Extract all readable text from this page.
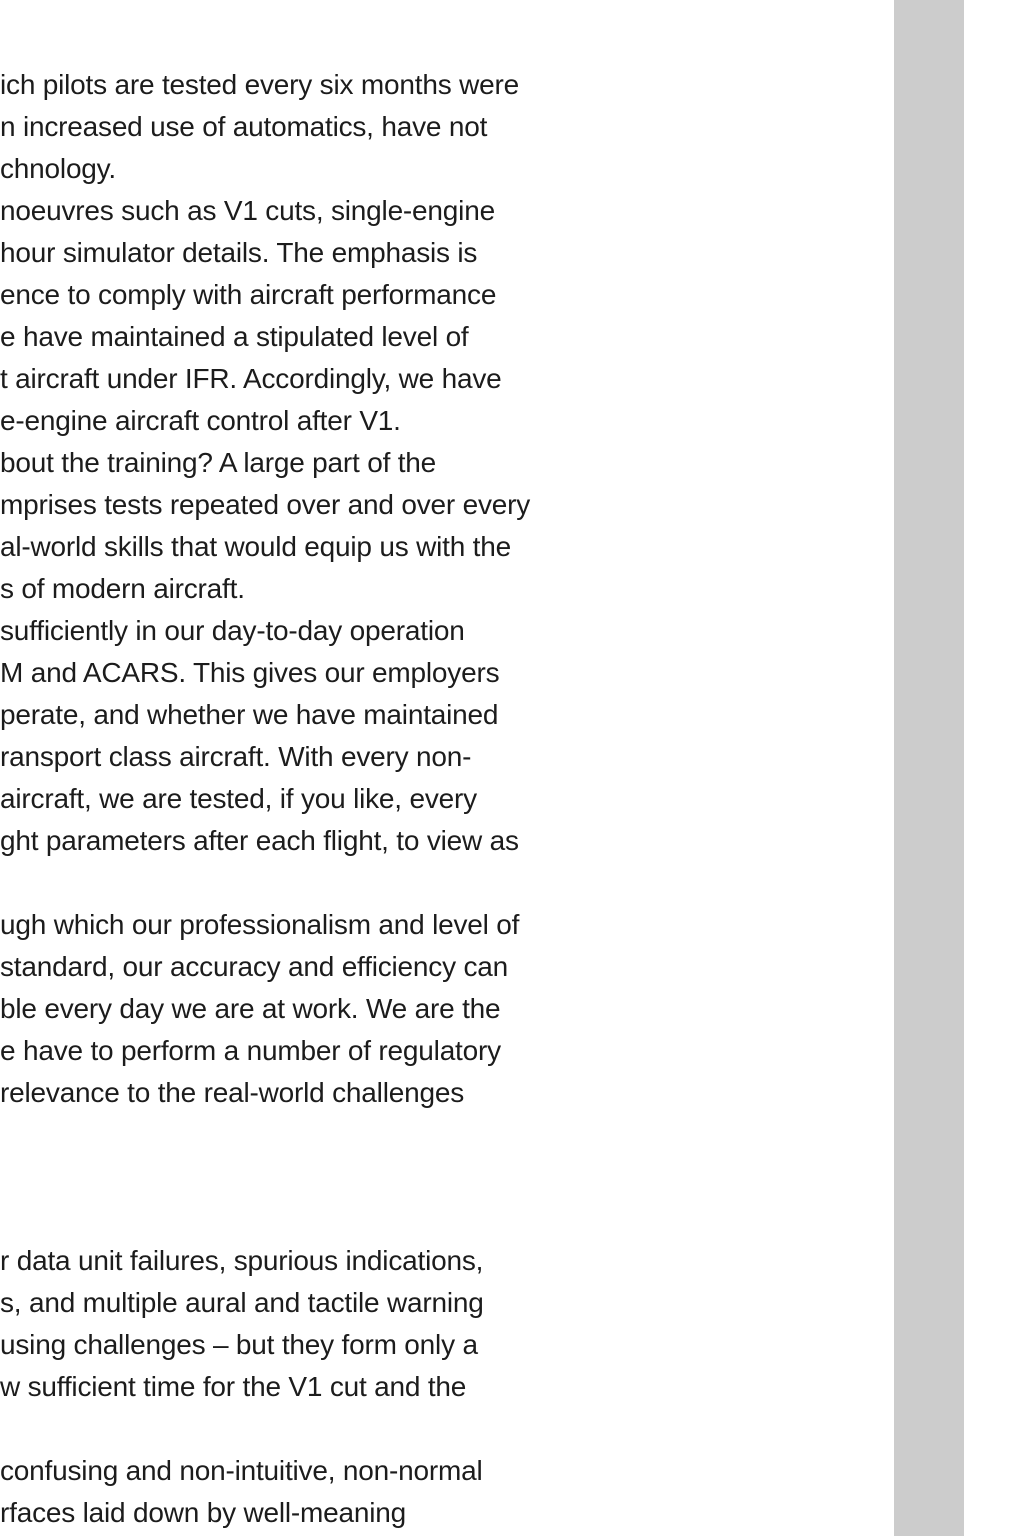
ich pilots are tested every six months were
n increased use of automatics, have not
chnology.
noeuvres such as V1 cuts, single-engine
hour simulator details. The emphasis is
ence to comply with aircraft performance
e have maintained a stipulated level of
t aircraft under IFR. Accordingly, we have
e-engine aircraft control after V1.
bout the training? A large part of the
mprises tests repeated over and over every
al-world skills that would equip us with the
s of modern aircraft.
sufficiently in our day-to-day operation
M and ACARS. This gives our employers
perate, and whether we have maintained
ransport class aircraft. With every non-
aircraft, we are tested, if you like, every
ght parameters after each flight, to view as
ugh which our professionalism and level of
standard, our accuracy and efficiency can
ble every day we are at work. We are the
e have to perform a number of regulatory
relevance to the real-world challenges
r data unit failures, spurious indications,
s, and multiple aural and tactile warning
using challenges – but they form only a
w sufficient time for the V1 cut and the
confusing and non-intuitive, non-normal
rfaces laid down by well-meaning
